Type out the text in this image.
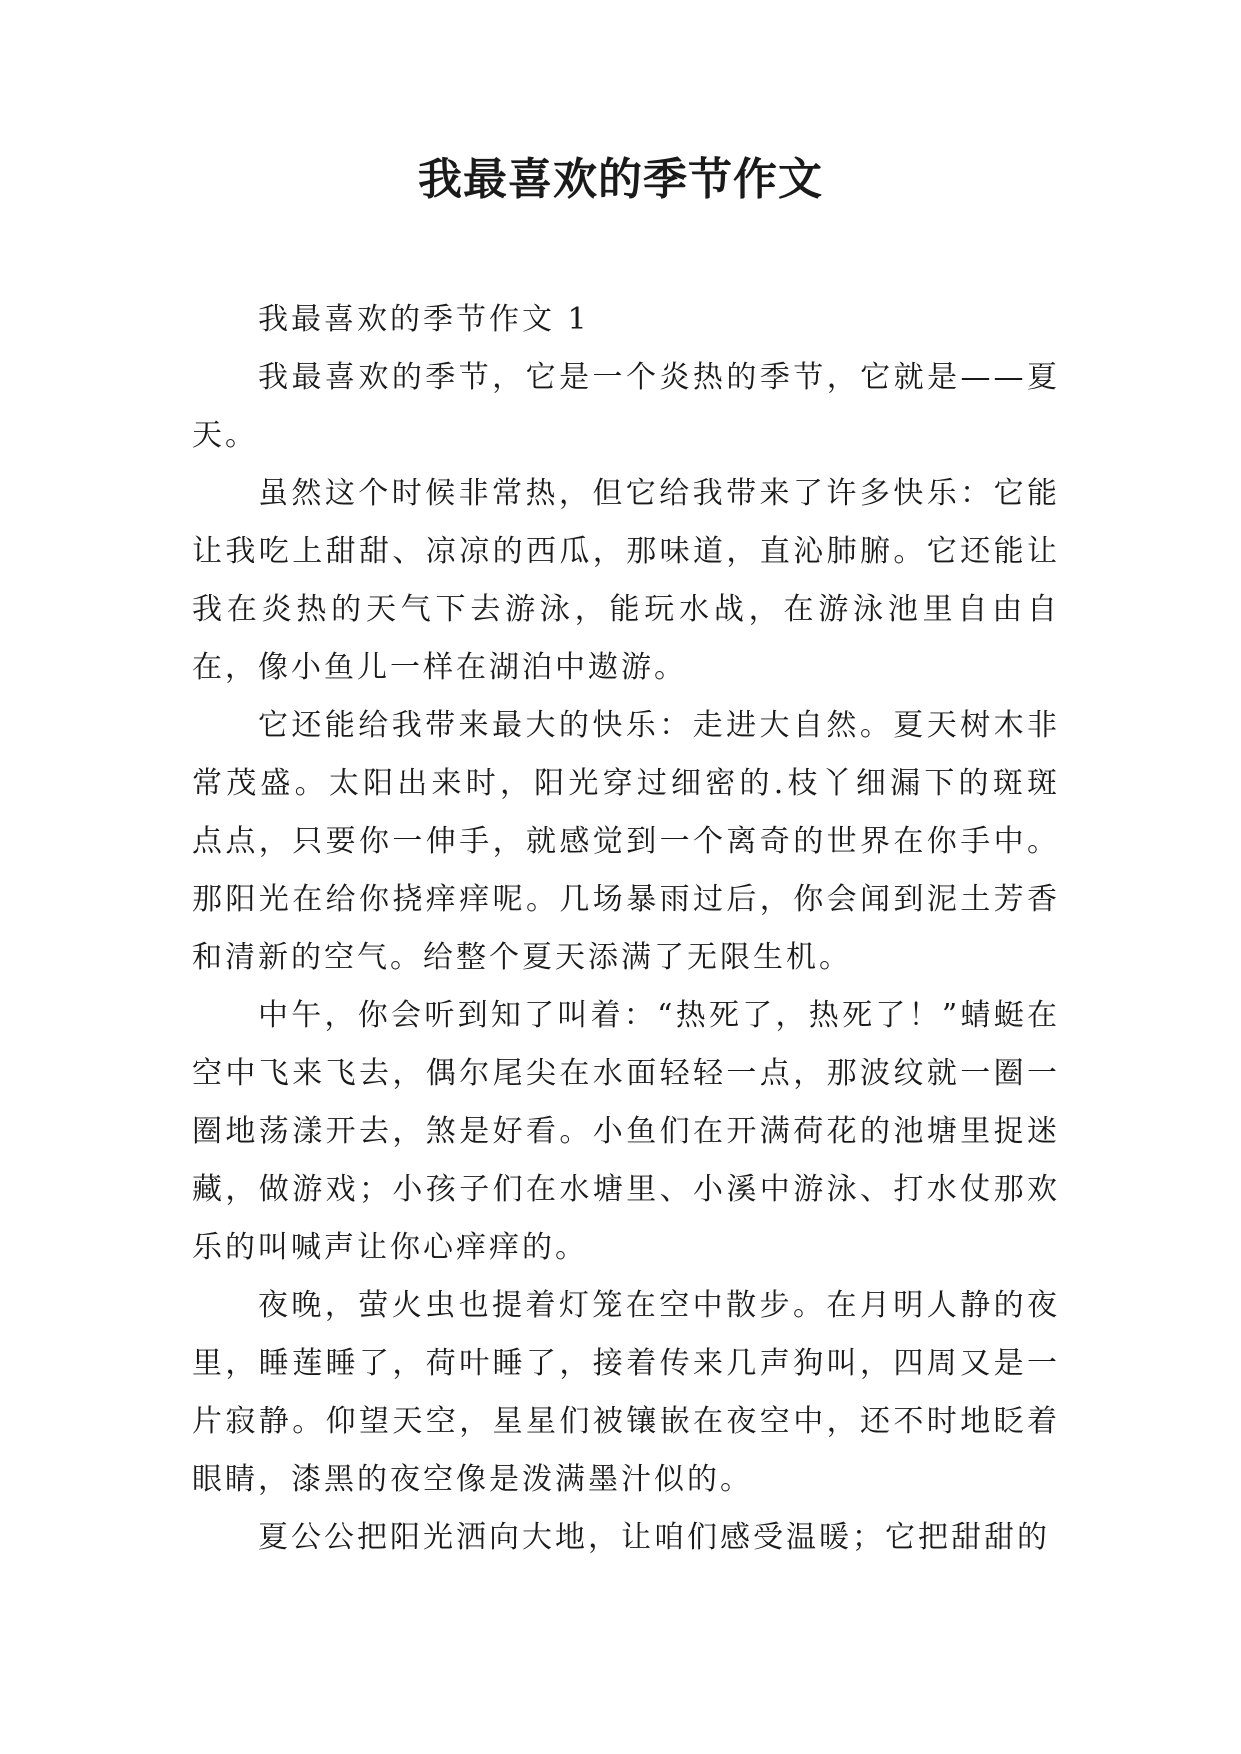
我最喜欢的季节作文

我最喜欢的季节作文 1

我最喜欢的季节，它是一个炎热的季节，它就是——夏天。

虽然这个时候非常热，但它给我带来了许多快乐：它能让我吃上甜甜、凉凉的西瓜，那味道，直沁肺腑。它还能让我在炎热的天气下去游泳，能玩水战，在游泳池里自由自在，像小鱼儿一样在湖泊中遨游。

它还能给我带来最大的快乐：走进大自然。夏天树木非常茂盛。太阳出来时，阳光穿过细密的.枝丫细漏下的斑斑点点，只要你一伸手，就感觉到一个离奇的世界在你手中。那阳光在给你挠痒痒呢。几场暴雨过后，你会闻到泥土芳香和清新的空气。给整个夏天添满了无限生机。

中午，你会听到知了叫着：“热死了，热死了！”蜻蜓在空中飞来飞去，偶尔尾尖在水面轻轻一点，那波纹就一圈一圈地荡漾开去，煞是好看。小鱼们在开满荷花的池塘里捉迷藏，做游戏；小孩子们在水塘里、小溪中游泳、打水仗那欢乐的叫喊声让你心痒痒的。

夜晚，萤火虫也提着灯笼在空中散步。在月明人静的夜里，睡莲睡了，荷叶睡了，接着传来几声狗叫，四周又是一片寂静。仰望天空，星星们被镶嵌在夜空中，还不时地眨着眼睛，漆黑的夜空像是泼满墨汁似的。

夏公公把阳光洒向大地，让咱们感受温暖；它把甜甜的
